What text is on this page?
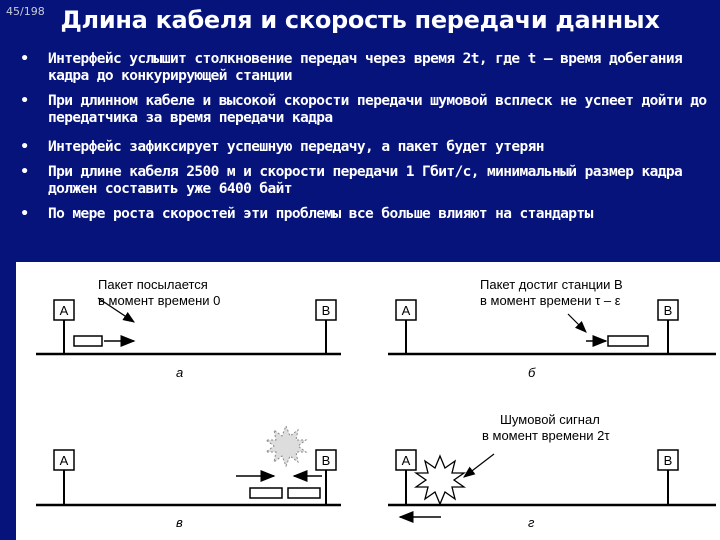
45/198 Длина кабеля и скорость передачи данных
• Интерфейс услышит столкновение передач через время 2t, где t — время добегания кадра до конкурирующей станции
• При длинном кабеле и высокой скорости передачи шумовой всплеск не успеет дойти до передатчика за время передачи кадра
• Интерфейс зафиксирует успешную передачу, а пакет будет утерян
• При длине кабеля 2500 м и скорости передачи 1 Гбит/с, минимальный размер кадра должен составить уже 6400 байт
• По мере роста скоростей эти проблемы все больше влияют на стандарты
A	B
Пакет посылается
в момент времени 0
а
A	B
Пакет достиг станции В
в момент времени τ – ε
б
A	B
в
A	B
Шумовой сигнал
в момент времени 2τ
г
